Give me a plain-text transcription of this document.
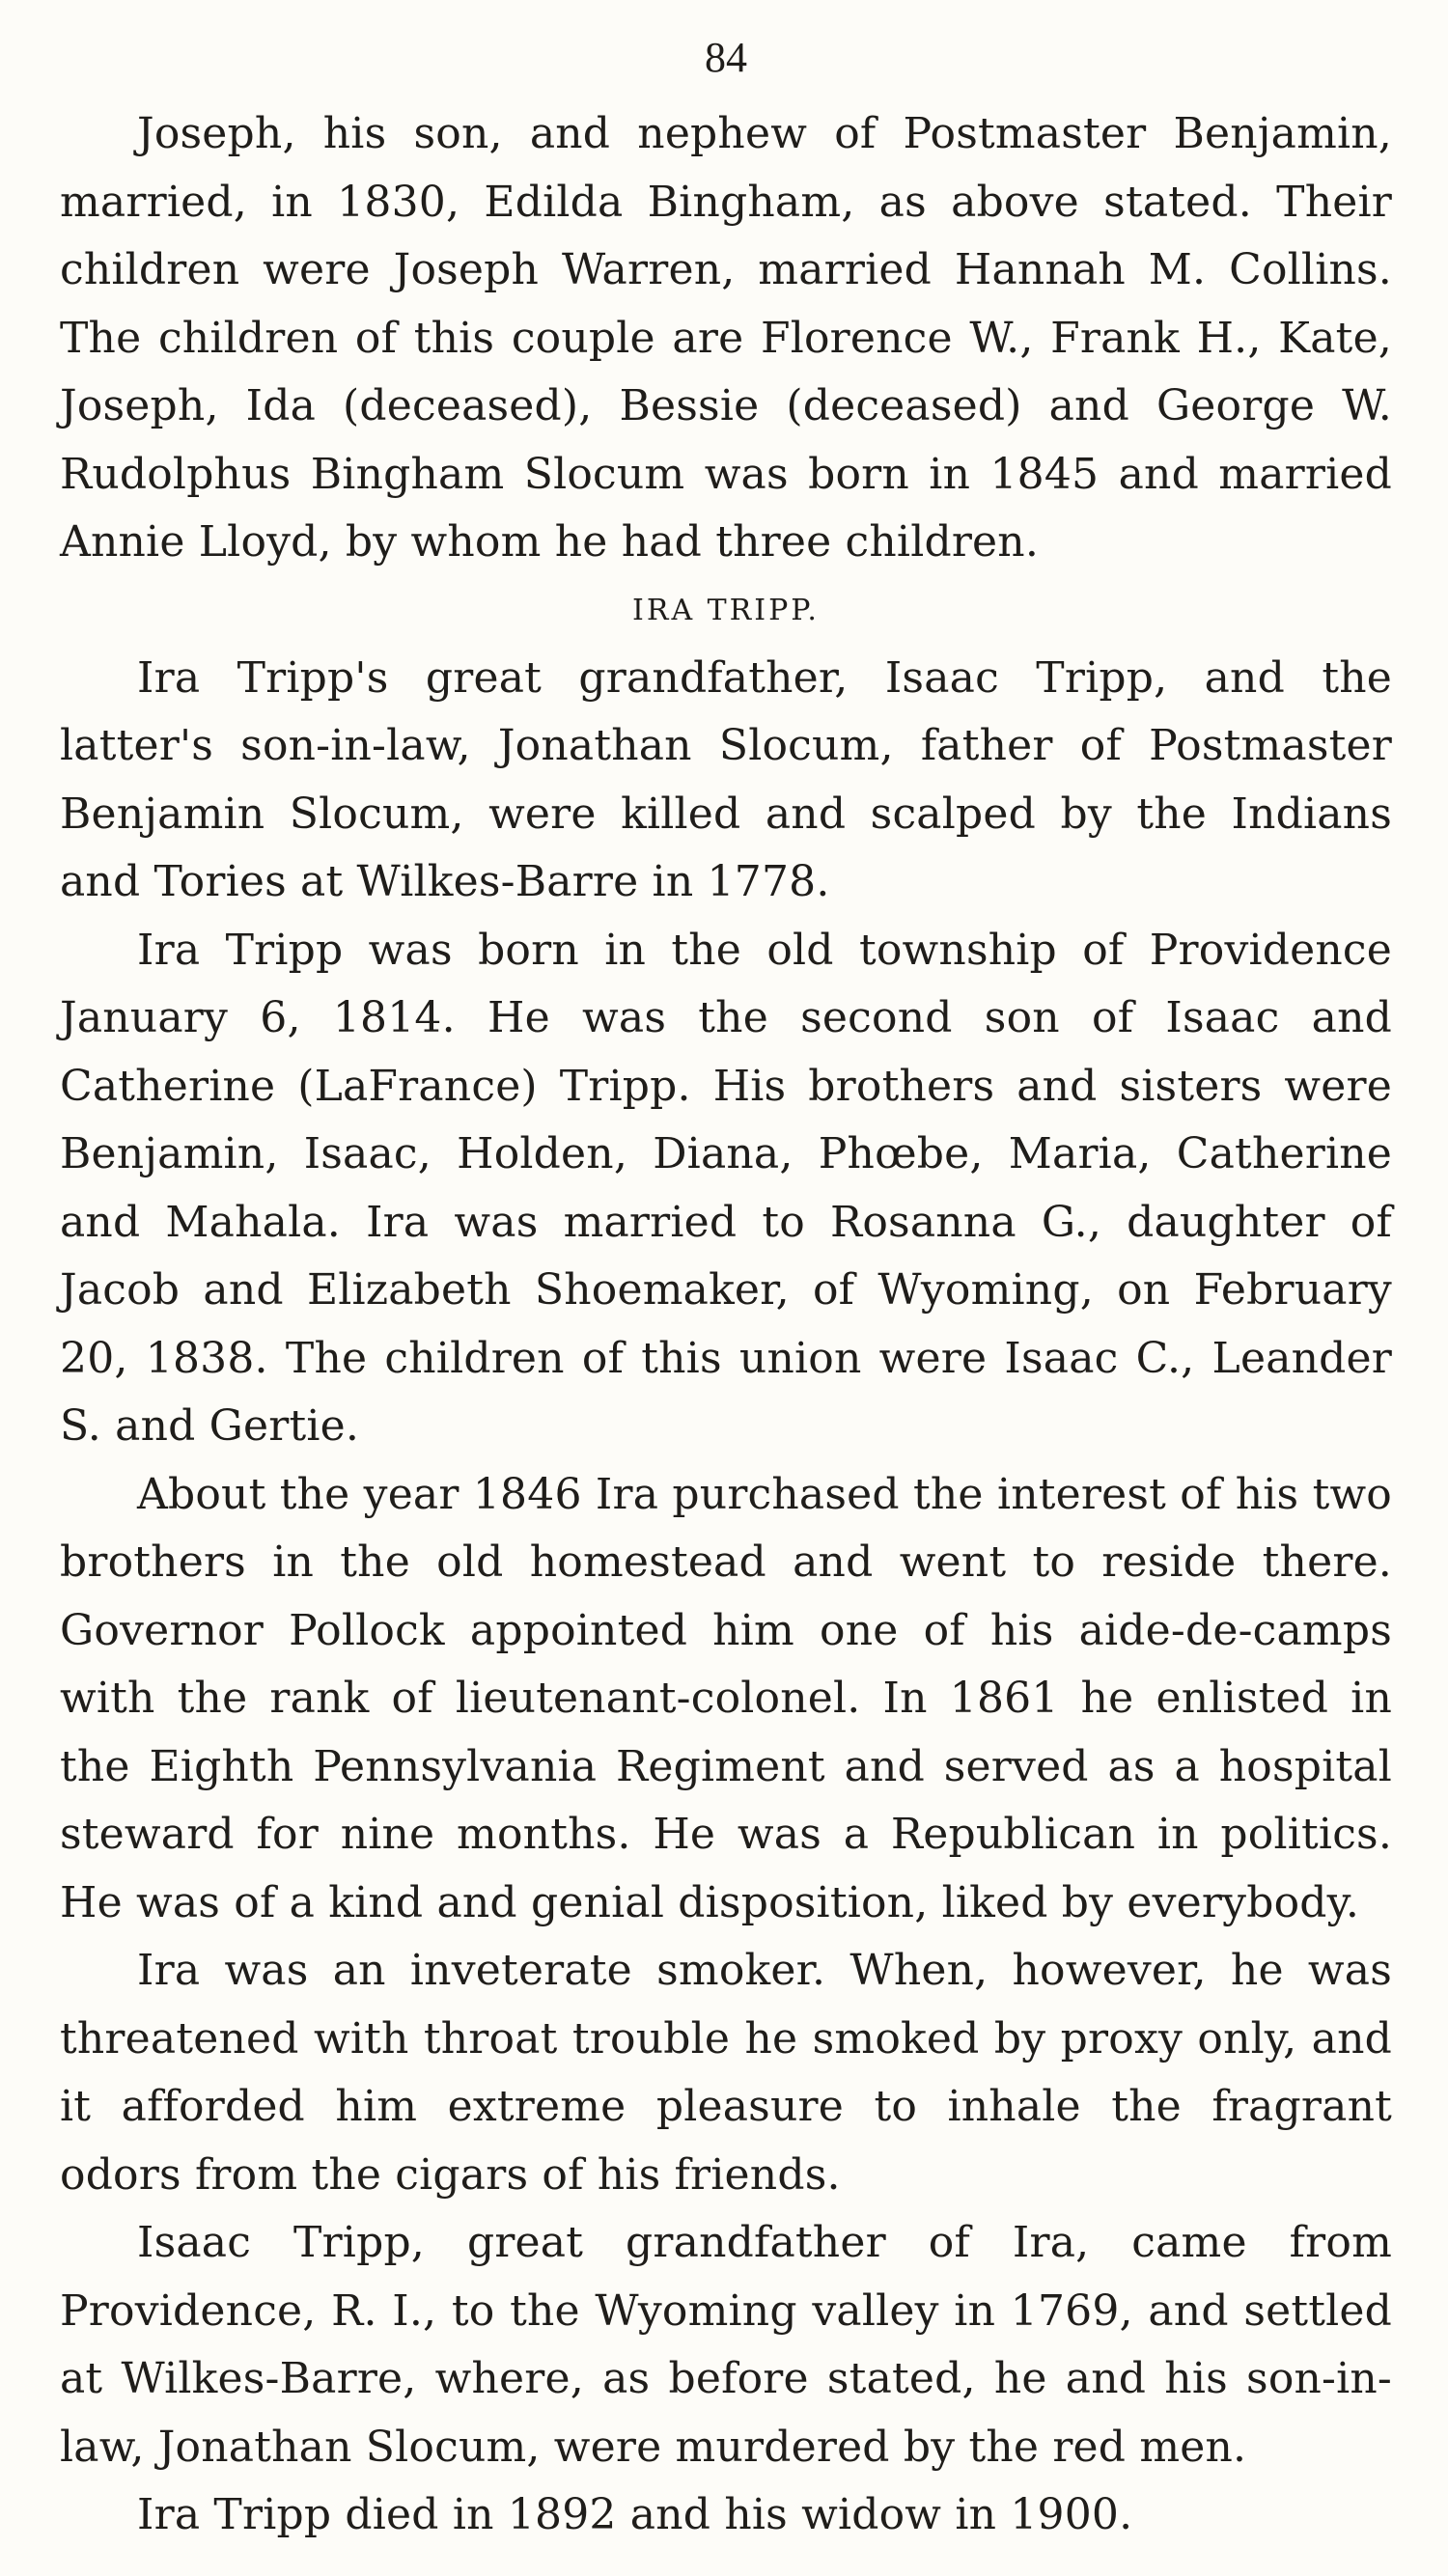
84

Joseph, his son, and nephew of Postmaster Benjamin, married, in 1830, Edilda Bingham, as above stated. Their children were Joseph Warren, married Hannah M. Collins. The children of this couple are Florence W., Frank H., Kate, Joseph, Ida (deceased), Bessie (deceased) and George W. Rudolphus Bingham Slocum was born in 1845 and married Annie Lloyd, by whom he had three children.

IRA TRIPP.

Ira Tripp's great grandfather, Isaac Tripp, and the latter's son-in-law, Jonathan Slocum, father of Postmaster Benjamin Slocum, were killed and scalped by the Indians and Tories at Wilkes-Barre in 1778.

Ira Tripp was born in the old township of Providence January 6, 1814. He was the second son of Isaac and Catherine (LaFrance) Tripp. His brothers and sisters were Benjamin, Isaac, Holden, Diana, Phœbe, Maria, Catherine and Mahala. Ira was married to Rosanna G., daughter of Jacob and Elizabeth Shoemaker, of Wyoming, on February 20, 1838. The children of this union were Isaac C., Leander S. and Gertie.

About the year 1846 Ira purchased the interest of his two brothers in the old homestead and went to reside there. Governor Pollock appointed him one of his aide-de-camps with the rank of lieutenant-colonel. In 1861 he enlisted in the Eighth Pennsylvania Regiment and served as a hospital steward for nine months. He was a Republican in politics. He was of a kind and genial disposition, liked by everybody.

Ira was an inveterate smoker. When, however, he was threatened with throat trouble he smoked by proxy only, and it afforded him extreme pleasure to inhale the fragrant odors from the cigars of his friends.

Isaac Tripp, great grandfather of Ira, came from Providence, R. I., to the Wyoming valley in 1769, and settled at Wilkes-Barre, where, as before stated, he and his son-in-law, Jonathan Slocum, were murdered by the red men.

Ira Tripp died in 1892 and his widow in 1900.
